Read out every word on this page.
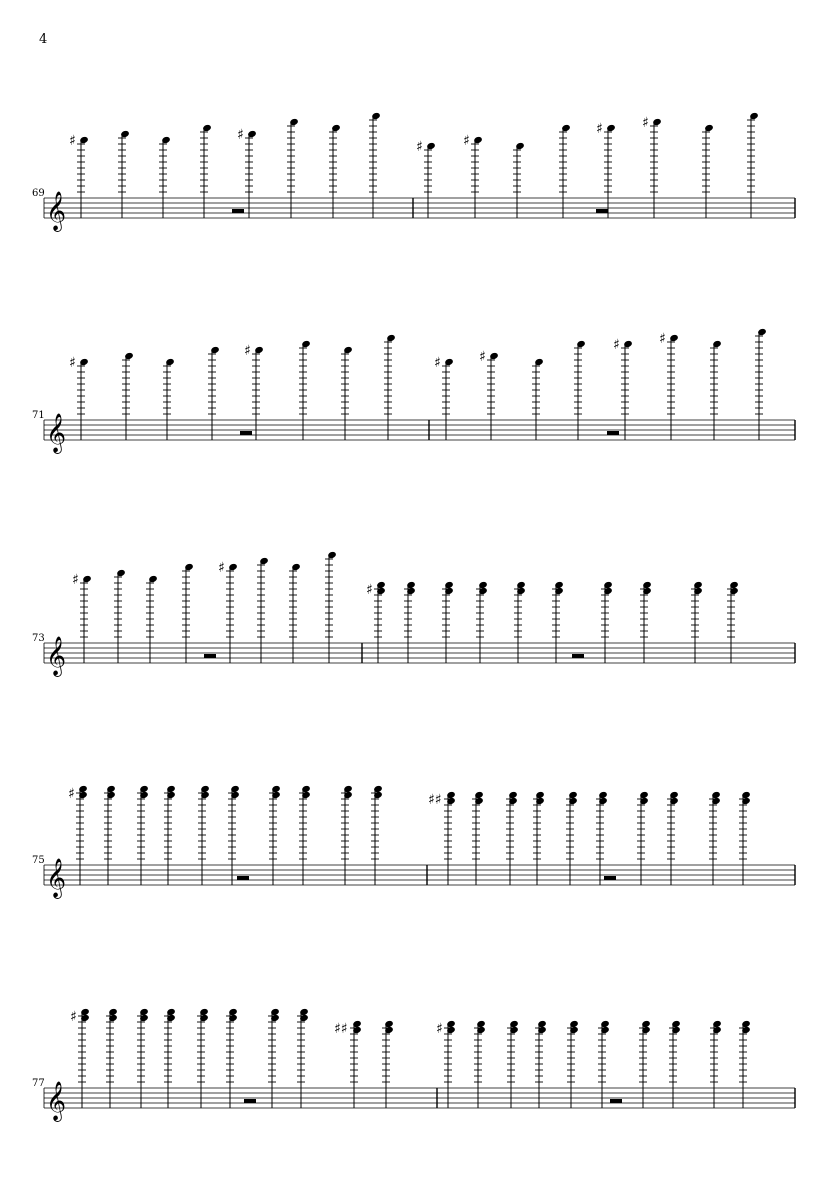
4
𝄞
69
♯	♯
♯	♯
♯	♯
𝄞
71
♯
♯
♯	♯
♯	♯
𝄞
73
♯
♯
♯
𝄞
75
♯	♯♯
𝄞
77
♯
♯♯	♯
